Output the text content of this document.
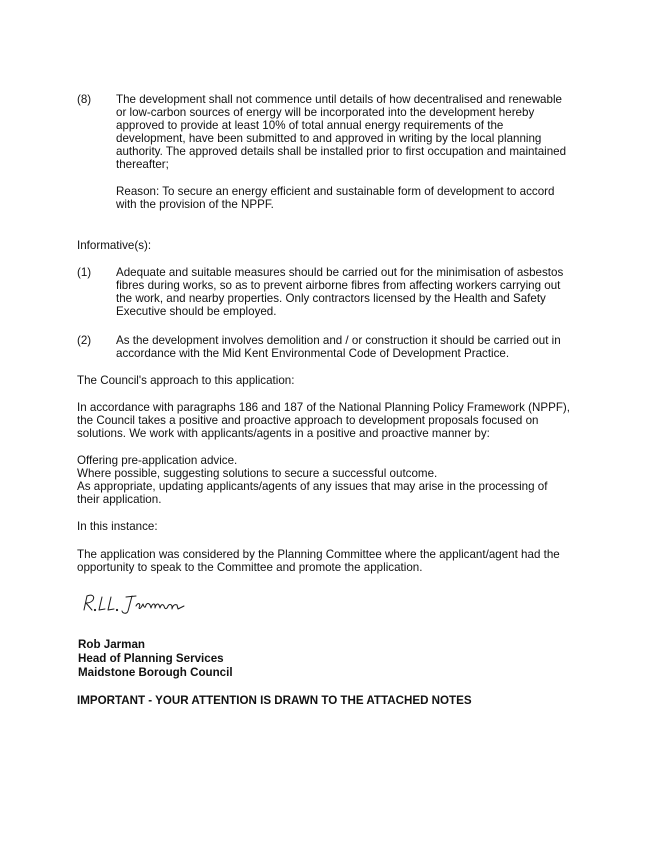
(8) The development shall not commence until details of how decentralised and renewable

or low-carbon sources of energy will be incorporated into the development hereby

approved to provide at least 10% of total annual energy requirements of the

development, have been submitted to and approved in writing by the local planning

authority. The approved details shall be installed prior to first occupation and maintained

thereafter;

Reason: To secure an energy efficient and sustainable form of development to accord

with the provision of the NPPF.

Informative(s):

(1) Adequate and suitable measures should be carried out for the minimisation of asbestos

fibres during works, so as to prevent airborne fibres from affecting workers carrying out

the work, and nearby properties. Only contractors licensed by the Health and Safety

Executive should be employed.

(2) As the development involves demolition and / or construction it should be carried out in

accordance with the Mid Kent Environmental Code of Development Practice.

The Council's approach to this application:

In accordance with paragraphs 186 and 187 of the National Planning Policy Framework (NPPF),

the Council takes a positive and proactive approach to development proposals focused on

solutions. We work with applicants/agents in a positive and proactive manner by:

Offering pre-application advice.

Where possible, suggesting solutions to secure a successful outcome.

As appropriate, updating applicants/agents of any issues that may arise in the processing of

their application.

In this instance:

The application was considered by the Planning Committee where the applicant/agent had the

opportunity to speak to the Committee and promote the application.

Rob Jarman

Head of Planning Services

Maidstone Borough Council

IMPORTANT - YOUR ATTENTION IS DRAWN TO THE ATTACHED NOTES
